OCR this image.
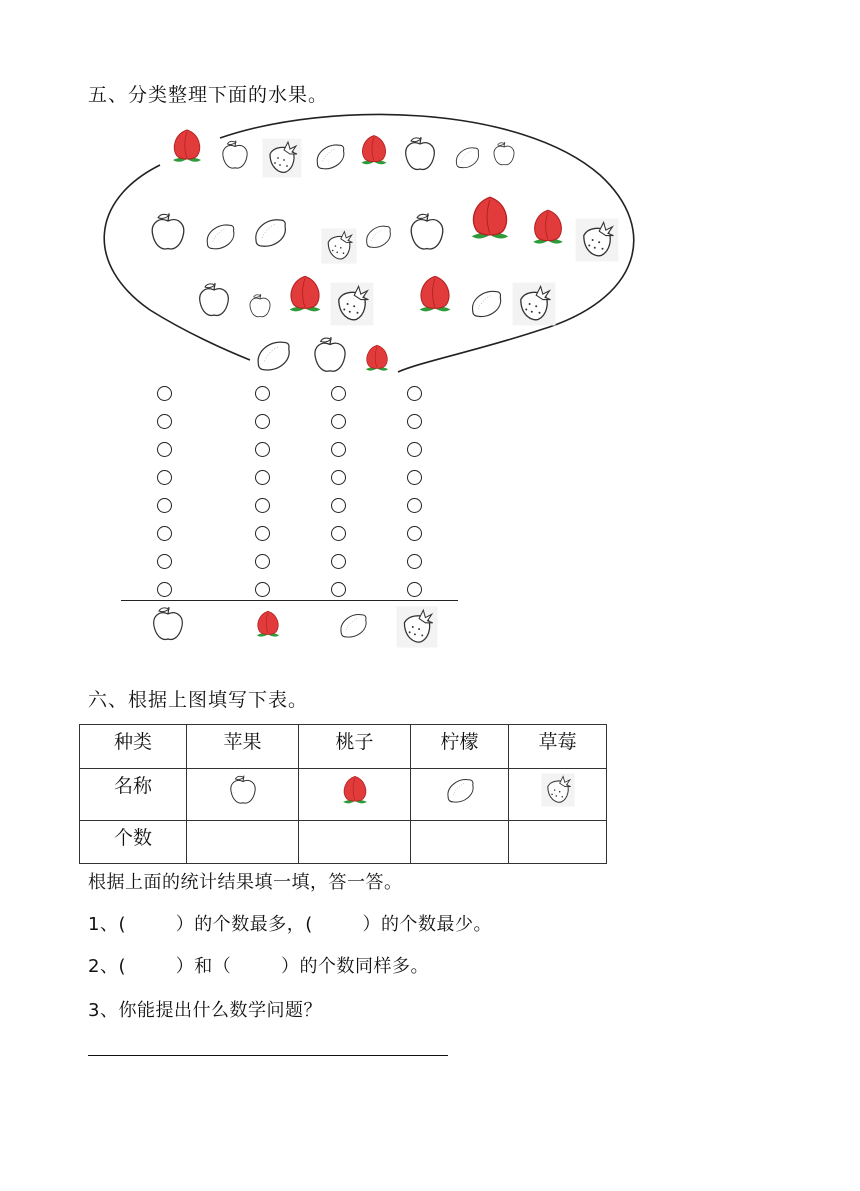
五、分类整理下面的水果。
六、根据上图填写下表。
种类	苹果	桃子	柠檬	草莓
名称				
个数				
根据上面的统计结果填一填，答一答。
1、(        ）的个数最多，(        ）的个数最少。
2、(        ）和（        ）的个数同样多。
3、你能提出什么数学问题？
